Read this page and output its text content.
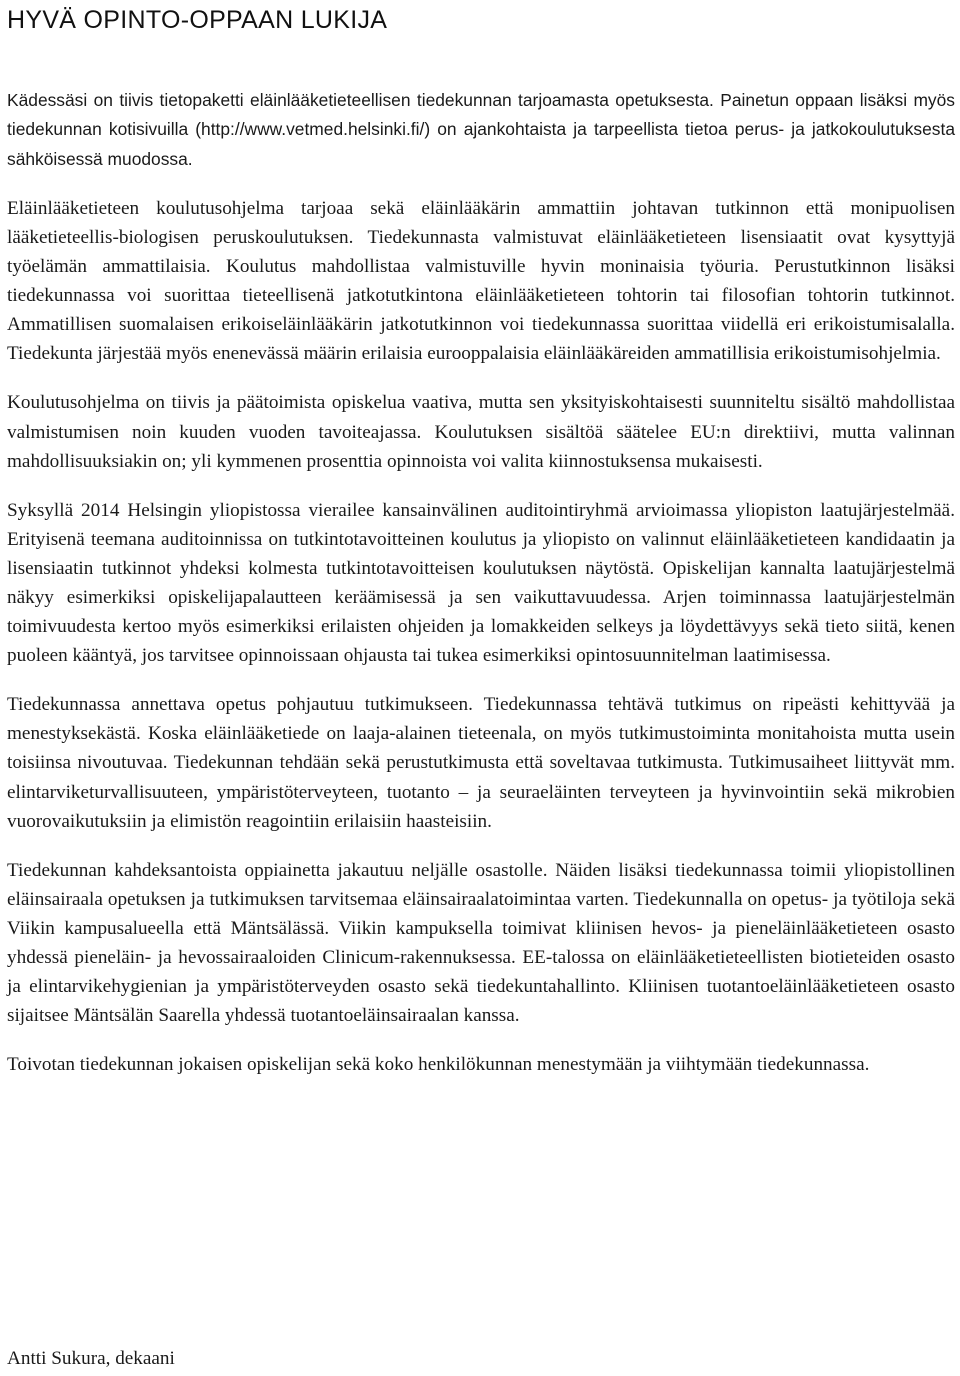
HYVÄ OPINTO-OPPAAN LUKIJA

Kädessäsi on tiivis tietopaketti eläinlääketieteellisen tiedekunnan tarjoamasta opetuksesta. Painetun oppaan lisäksi myös tiedekunnan kotisivuilla (http://www.vetmed.helsinki.fi/) on ajankohtaista ja tarpeellista tietoa perus- ja jatkokoulutuksesta sähköisessä muodossa.

Eläinlääketieteen koulutusohjelma tarjoaa sekä eläinlääkärin ammattiin johtavan tutkinnon että monipuolisen lääketieteellis-biologisen peruskoulutuksen. Tiedekunnasta valmistuvat eläinlääketieteen lisensiaatit ovat kysyttyjä työelämän ammattilaisia. Koulutus mahdollistaa valmistuville hyvin moninaisia työuria. Perustutkinnon lisäksi tiedekunnassa voi suorittaa tieteellisenä jatkotutkintona eläinlääketieteen tohtorin tai filosofian tohtorin tutkinnot. Ammatillisen suomalaisen erikoiseläinlääkärin jatkotutkinnon voi tiedekunnassa suorittaa viidellä eri erikoistumisalalla. Tiedekunta järjestää myös enenevässä määrin erilaisia eurooppalaisia eläinlääkäreiden ammatillisia erikoistumisohjelmia.

Koulutusohjelma on tiivis ja päätoimista opiskelua vaativa, mutta sen yksityiskohtaisesti suunniteltu sisältö mahdollistaa valmistumisen noin kuuden vuoden tavoiteajassa. Koulutuksen sisältöä säätelee EU:n direktiivi, mutta valinnan mahdollisuuksiakin on; yli kymmenen prosenttia opinnoista voi valita kiinnostuksensa mukaisesti.

Syksyllä 2014 Helsingin yliopistossa vierailee kansainvälinen auditointiryhmä arvioimassa yliopiston laatujärjestelmää. Erityisenä teemana auditoinnissa on tutkintotavoitteinen koulutus ja yliopisto on valinnut eläinlääketieteen kandidaatin ja lisensiaatin tutkinnot yhdeksi kolmesta tutkintotavoitteisen koulutuksen näytöstä. Opiskelijan kannalta laatujärjestelmä näkyy esimerkiksi opiskelijapalautteen keräämisessä ja sen vaikuttavuudessa. Arjen toiminnassa laatujärjestelmän toimivuudesta kertoo myös esimerkiksi erilaisten ohjeiden ja lomakkeiden selkeys ja löydettävyys sekä tieto siitä, kenen puoleen kääntyä, jos tarvitsee opinnoissaan ohjausta tai tukea esimerkiksi opintosuunnitelman laatimisessa.

Tiedekunnassa annettava opetus pohjautuu tutkimukseen. Tiedekunnassa tehtävä tutkimus on ripeästi kehittyvää ja menestyksekästä. Koska eläinlääketiede on laaja-alainen tieteenala, on myös tutkimustoiminta monitahoista mutta usein toisiinsa nivoutuvaa. Tiedekunnan tehdään sekä perustutkimusta että soveltavaa tutkimusta. Tutkimusaiheet liittyvät mm. elintarviketurvallisuuteen, ympäristöterveyteen, tuotanto – ja seuraeläinten terveyteen ja hyvinvointiin sekä mikrobien vuorovaikutuksiin ja elimistön reagointiin erilaisiin haasteisiin.

Tiedekunnan kahdeksantoista oppiainetta jakautuu neljälle osastolle. Näiden lisäksi tiedekunnassa toimii yliopistollinen eläinsairaala opetuksen ja tutkimuksen tarvitsemaa eläinsairaalatoimintaa varten. Tiedekunnalla on opetus- ja työtiloja sekä Viikin kampusalueella että Mäntsälässä. Viikin kampuksella toimivat kliinisen hevos- ja pieneläinlääketieteen osasto yhdessä pieneläin- ja hevossairaaloiden Clinicum-rakennuksessa. EE-talossa on eläinlääketieteellisten biotieteiden osasto ja elintarvikehygienian ja ympäristöterveyden osasto sekä tiedekuntahallinto. Kliinisen tuotantoeläinlääketieteen osasto sijaitsee Mäntsälän Saarella yhdessä tuotantoeläinsairaalan kanssa.

Toivotan tiedekunnan jokaisen opiskelijan sekä koko henkilökunnan menestymään ja viihtymään tiedekunnassa.

Antti Sukura, dekaani
